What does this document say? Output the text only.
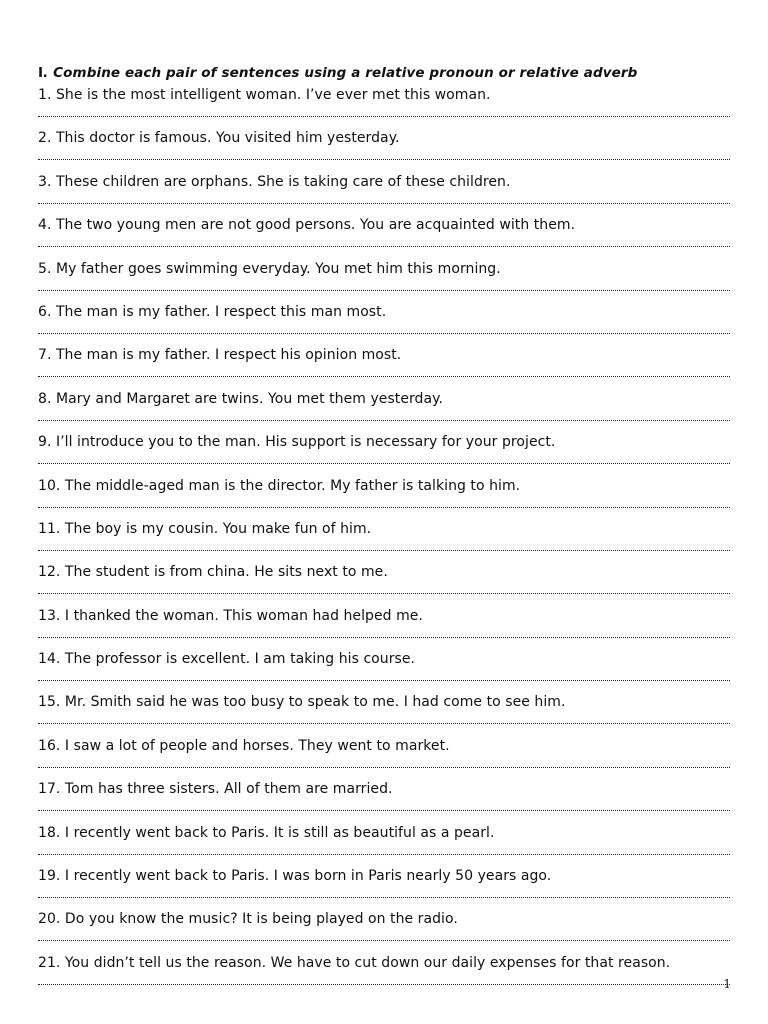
I. Combine each pair of sentences using a relative pronoun or relative adverb
1. She is the most intelligent woman. I’ve ever met this woman.
2. This doctor is famous. You visited him yesterday.
3. These children are orphans. She is taking care of these children.
4. The two young men are not good persons. You are acquainted with them.
5. My father goes swimming everyday. You met him this morning.
6. The man is my father. I respect this man most.
7. The man is my father. I respect his opinion most.
8. Mary and Margaret are twins. You met them yesterday.
9. I’ll introduce you to the man. His support is necessary for your project.
10. The middle-aged man is the director. My father is talking to him.
11. The boy is my cousin. You make fun of him.
12. The student is from china. He sits next to me.
13. I thanked the woman. This woman had helped me.
14. The professor is excellent. I am taking his course.
15. Mr. Smith said he was too busy to speak to me. I had come to see him.
16. I saw a lot of people and horses. They went to market.
17. Tom has three sisters. All of them are married.
18. I recently went back to Paris. It is still as beautiful as a pearl.
19. I recently went back to Paris. I was born in Paris nearly 50 years ago.
20. Do you know the music? It is being played on the radio.
21. You didn’t tell us the reason. We have to cut down our daily expenses for that reason.
1
